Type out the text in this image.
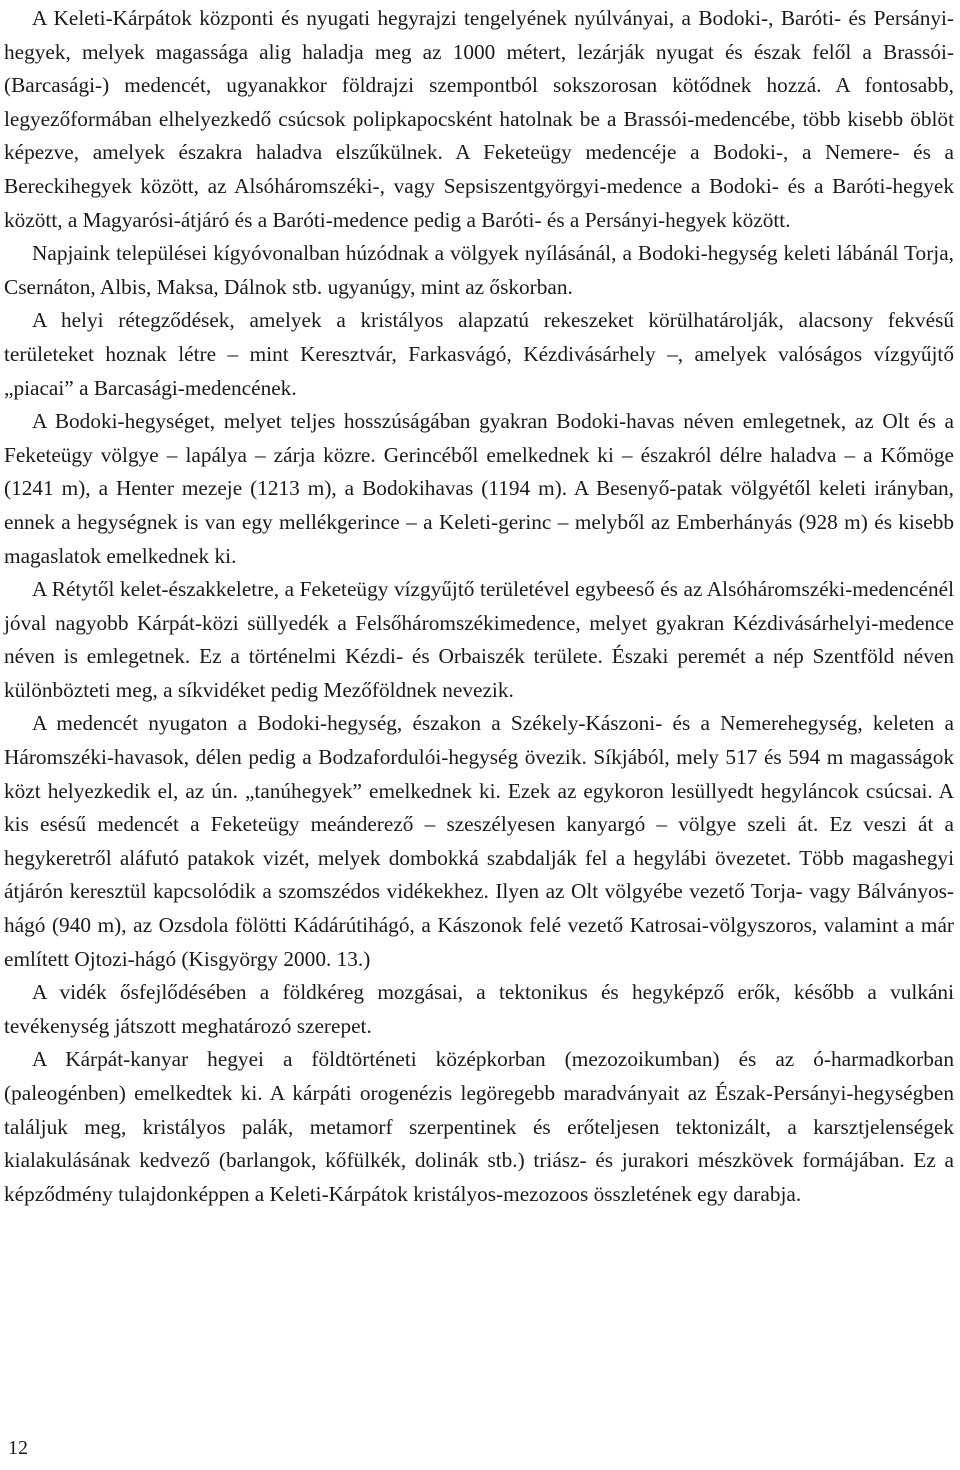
A Keleti-Kárpátok központi és nyugati hegyrajzi tengelyének nyúlványai, a Bodoki-, Baróti- és Persányi-hegyek, melyek magassága alig haladja meg az 1000 métert, lezárják nyugat és észak felől a Brassói- (Barcasági-) medencét, ugyanakkor földrajzi szempontból sokszorosan kötődnek hozzá. A fontosabb, legyezőformában elhelyezkedő csúcsok polipkapocsként hatolnak be a Brassói-medencébe, több kisebb öblöt képezve, amelyek északra haladva elszűkülnek. A Feketeügy medencéje a Bodoki-, a Nemere- és a Bereckihegyek között, az Alsóháromszéki-, vagy Sepsiszentgyörgyi-medence a Bodoki- és a Baróti-hegyek között, a Magyarósi-átjáró és a Baróti-medence pedig a Baróti- és a Persányi-hegyek között.

Napjaink települései kígyóvonalban húzódnak a völgyek nyílásánál, a Bodoki-hegység keleti lábánál Torja, Csernáton, Albis, Maksa, Dálnok stb. ugyanúgy, mint az őskorban.

A helyi rétegződések, amelyek a kristályos alapzatú rekeszeket körülhatárolják, alacsony fekvésű területeket hoznak létre – mint Keresztvár, Farkasvágó, Kézdivásárhely –, amelyek valóságos vízgyűjtő „piacai” a Barcasági-medencének.

A Bodoki-hegységet, melyet teljes hosszúságában gyakran Bodoki-havas néven emlegetnek, az Olt és a Feketeügy völgye – lapálya – zárja közre. Gerincéből emelkednek ki – északról délre haladva – a Kőmöge (1241 m), a Henter mezeje (1213 m), a Bodokihavas (1194 m). A Besenyő-patak völgyétől keleti irányban, ennek a hegységnek is van egy mellékgerince – a Keleti-gerinc – melyből az Emberhányás (928 m) és kisebb magaslatok emelkednek ki.

A Rétytől kelet-északkeletre, a Feketeügy vízgyűjtő területével egybeeső és az Alsóháromszéki-medencénél jóval nagyobb Kárpát-közi süllyedék a Felsőháromszékimedence, melyet gyakran Kézdivásárhelyi-medence néven is emlegetnek. Ez a történelmi Kézdi- és Orbaiszék területe. Északi peremét a nép Szentföld néven különbözteti meg, a síkvidéket pedig Mezőföldnek nevezik.

A medencét nyugaton a Bodoki-hegység, északon a Székely-Kászoni- és a Nemerehegység, keleten a Háromszéki-havasok, délen pedig a Bodzafordulói-hegység övezik. Síkjából, mely 517 és 594 m magasságok közt helyezkedik el, az ún. „tanúhegyek” emelkednek ki. Ezek az egykoron lesüllyedt hegyláncok csúcsai. A kis esésű medencét a Feketeügy meánderező – szeszélyesen kanyargó – völgye szeli át. Ez veszi át a hegykeretről aláfutó patakok vizét, melyek dombokká szabdalják fel a hegylábi övezetet. Több magashegyi átjárón keresztül kapcsolódik a szomszédos vidékekhez. Ilyen az Olt völgyébe vezető Torja- vagy Bálványos-hágó (940 m), az Ozsdola fölötti Kádárútihágó, a Kászonok felé vezető Katrosai-völgyszoros, valamint a már említett Ojtozi-hágó (Kisgyörgy 2000. 13.)

A vidék ősfejlődésében a földkéreg mozgásai, a tektonikus és hegyképző erők, később a vulkáni tevékenység játszott meghatározó szerepet.

A Kárpát-kanyar hegyei a földtörténeti középkorban (mezozoikumban) és az ó-harmadkorban (paleogénben) emelkedtek ki. A kárpáti orogenézis legöregebb maradványait az Észak-Persányi-hegységben találjuk meg, kristályos palák, metamorf szerpentinek és erőteljesen tektonizált, a karsztjelenségek kialakulásának kedvező (barlangok, kőfülkék, dolinák stb.) triász- és jurakori mészkövek formájában. Ez a képződmény tulajdonképpen a Keleti-Kárpátok kristályos-mezozoos összletének egy darabja.

12
